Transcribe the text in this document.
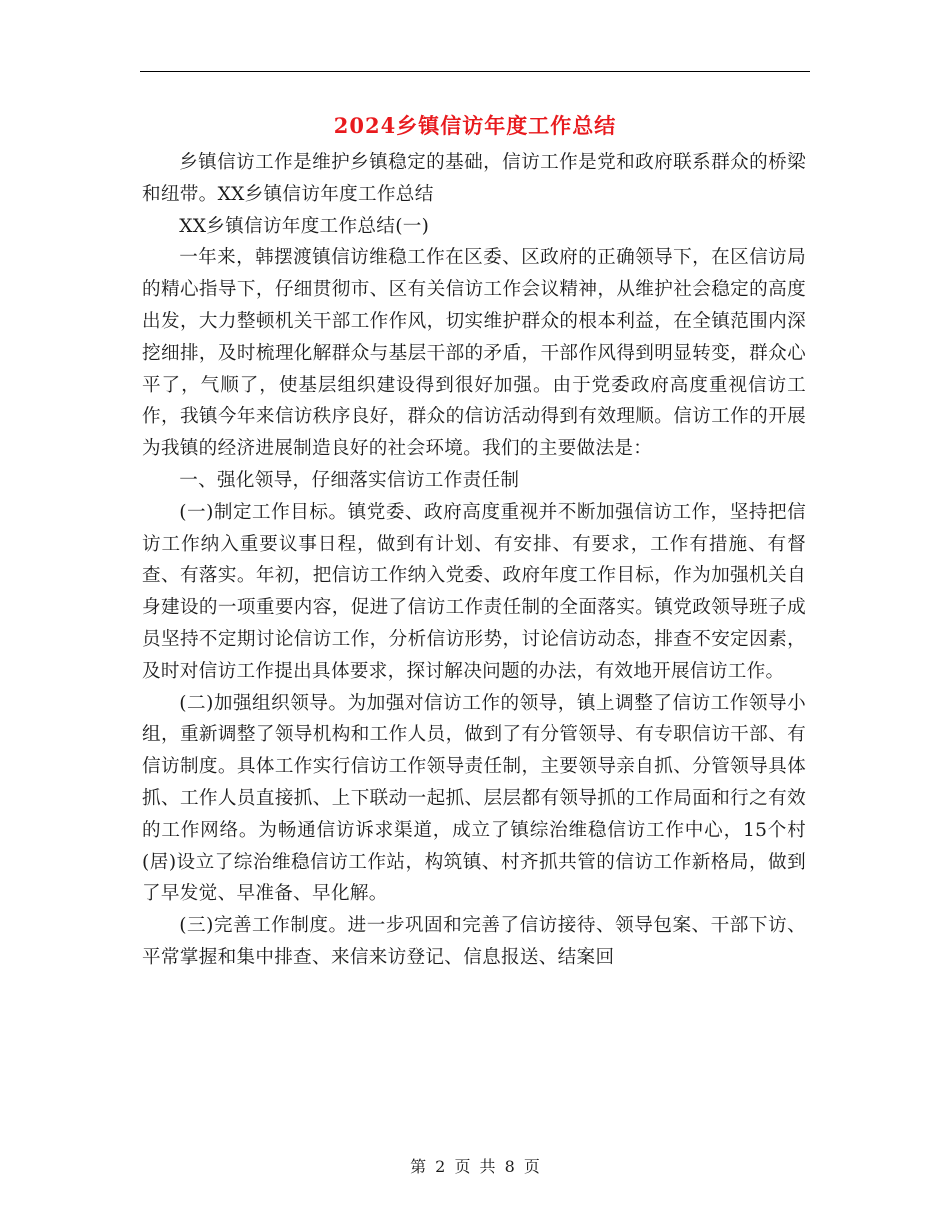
2024乡镇信访年度工作总结

乡镇信访工作是维护乡镇稳定的基础，信访工作是党和政府联系群众的桥梁和纽带。XX乡镇信访年度工作总结

XX乡镇信访年度工作总结(一)

一年来，韩摆渡镇信访维稳工作在区委、区政府的正确领导下，在区信访局的精心指导下，仔细贯彻市、区有关信访工作会议精神，从维护社会稳定的高度出发，大力整顿机关干部工作作风，切实维护群众的根本利益，在全镇范围内深挖细排，及时梳理化解群众与基层干部的矛盾，干部作风得到明显转变，群众心平了，气顺了，使基层组织建设得到很好加强。由于党委政府高度重视信访工作，我镇今年来信访秩序良好，群众的信访活动得到有效理顺。信访工作的开展为我镇的经济进展制造良好的社会环境。我们的主要做法是：

一、强化领导，仔细落实信访工作责任制

(一)制定工作目标。镇党委、政府高度重视并不断加强信访工作，坚持把信访工作纳入重要议事日程，做到有计划、有安排、有要求，工作有措施、有督查、有落实。年初，把信访工作纳入党委、政府年度工作目标，作为加强机关自身建设的一项重要内容，促进了信访工作责任制的全面落实。镇党政领导班子成员坚持不定期讨论信访工作，分析信访形势，讨论信访动态，排查不安定因素，及时对信访工作提出具体要求，探讨解决问题的办法，有效地开展信访工作。

(二)加强组织领导。为加强对信访工作的领导，镇上调整了信访工作领导小组，重新调整了领导机构和工作人员，做到了有分管领导、有专职信访干部、有信访制度。具体工作实行信访工作领导责任制，主要领导亲自抓、分管领导具体抓、工作人员直接抓、上下联动一起抓、层层都有领导抓的工作局面和行之有效的工作网络。为畅通信访诉求渠道，成立了镇综治维稳信访工作中心，15个村(居)设立了综治维稳信访工作站，构筑镇、村齐抓共管的信访工作新格局，做到了早发觉、早准备、早化解。

(三)完善工作制度。进一步巩固和完善了信访接待、领导包案、干部下访、平常掌握和集中排查、来信来访登记、信息报送、结案回

第 2 页 共 8 页
